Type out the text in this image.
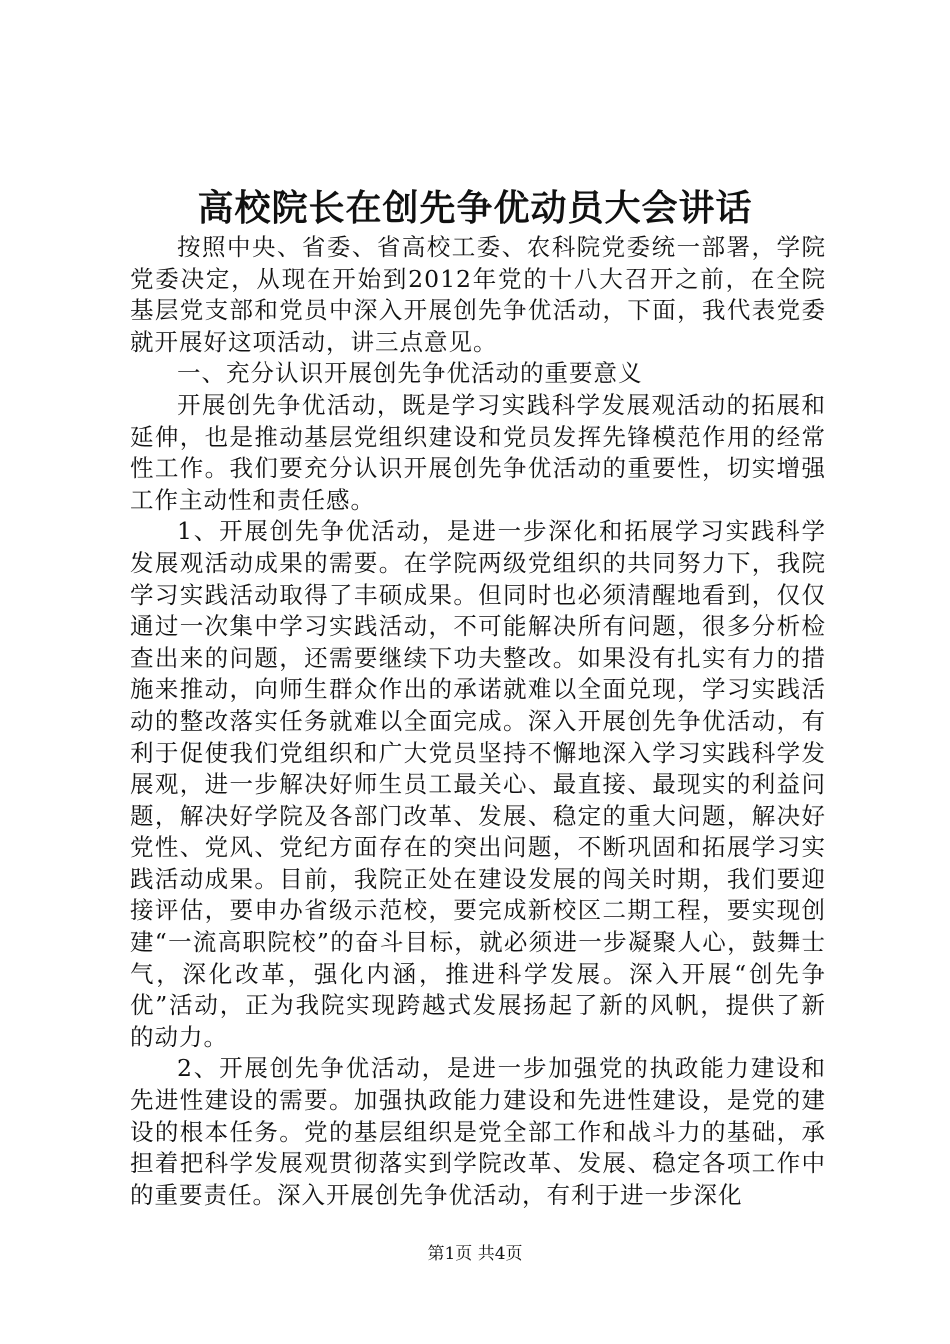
高校院长在创先争优动员大会讲话

按照中央、省委、省高校工委、农科院党委统一部署，学院党委决定，从现在开始到2012年党的十八大召开之前，在全院基层党支部和党员中深入开展创先争优活动，下面，我代表党委就开展好这项活动，讲三点意见。

一、充分认识开展创先争优活动的重要意义

开展创先争优活动，既是学习实践科学发展观活动的拓展和延伸，也是推动基层党组织建设和党员发挥先锋模范作用的经常性工作。我们要充分认识开展创先争优活动的重要性，切实增强工作主动性和责任感。

1、开展创先争优活动，是进一步深化和拓展学习实践科学发展观活动成果的需要。在学院两级党组织的共同努力下，我院学习实践活动取得了丰硕成果。但同时也必须清醒地看到，仅仅通过一次集中学习实践活动，不可能解决所有问题，很多分析检查出来的问题，还需要继续下功夫整改。如果没有扎实有力的措施来推动，向师生群众作出的承诺就难以全面兑现，学习实践活动的整改落实任务就难以全面完成。深入开展创先争优活动，有利于促使我们党组织和广大党员坚持不懈地深入学习实践科学发展观，进一步解决好师生员工最关心、最直接、最现实的利益问题，解决好学院及各部门改革、发展、稳定的重大问题，解决好党性、党风、党纪方面存在的突出问题，不断巩固和拓展学习实践活动成果。目前，我院正处在建设发展的闯关时期，我们要迎接评估，要申办省级示范校，要完成新校区二期工程，要实现创建“一流高职院校”的奋斗目标，就必须进一步凝聚人心，鼓舞士气，深化改革，强化内涵，推进科学发展。深入开展“创先争优”活动，正为我院实现跨越式发展扬起了新的风帆，提供了新的动力。

2、开展创先争优活动，是进一步加强党的执政能力建设和先进性建设的需要。加强执政能力建设和先进性建设，是党的建设的根本任务。党的基层组织是党全部工作和战斗力的基础，承担着把科学发展观贯彻落实到学院改革、发展、稳定各项工作中的重要责任。深入开展创先争优活动，有利于进一步深化

第1页 共4页
